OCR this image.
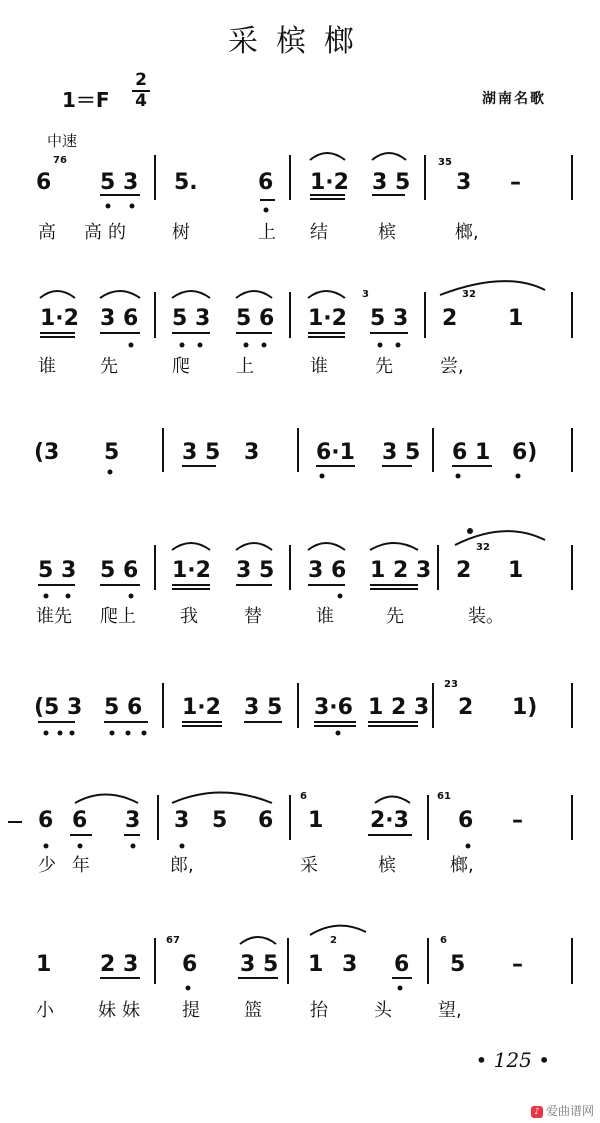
采槟榔
1＝F
2
4	湖南名歌
中速
76
6 5 3 5.	6 1·2 3 5
35
3 –
高 高的 树	上 结	槟	榔,
1·2 3 6 5 3 5 6 1·2
3
5 3
32
2 1
谁 先	爬	上	谁	先	尝,
(3 5	3 5 3	6·1 3 5 6 1 6)
5 3 5 6 1·2 3 5 3 6 1 2 3
32
2 1
谁先 爬上 我	替	谁	先	装。
(5 3 5 6 1·2 3 5 3·6 1 2 3
23
2 1)
6 6 3 3 5 6
6
1 2·3
61
6 –
少 年	郎,	采	槟	榔,
1 2 3
67
6 3 5 1
2
3 6
6
5 –
小 妹 妹 提 篮	抬	头	望,
• 125 •
♪ 爱曲谱网
